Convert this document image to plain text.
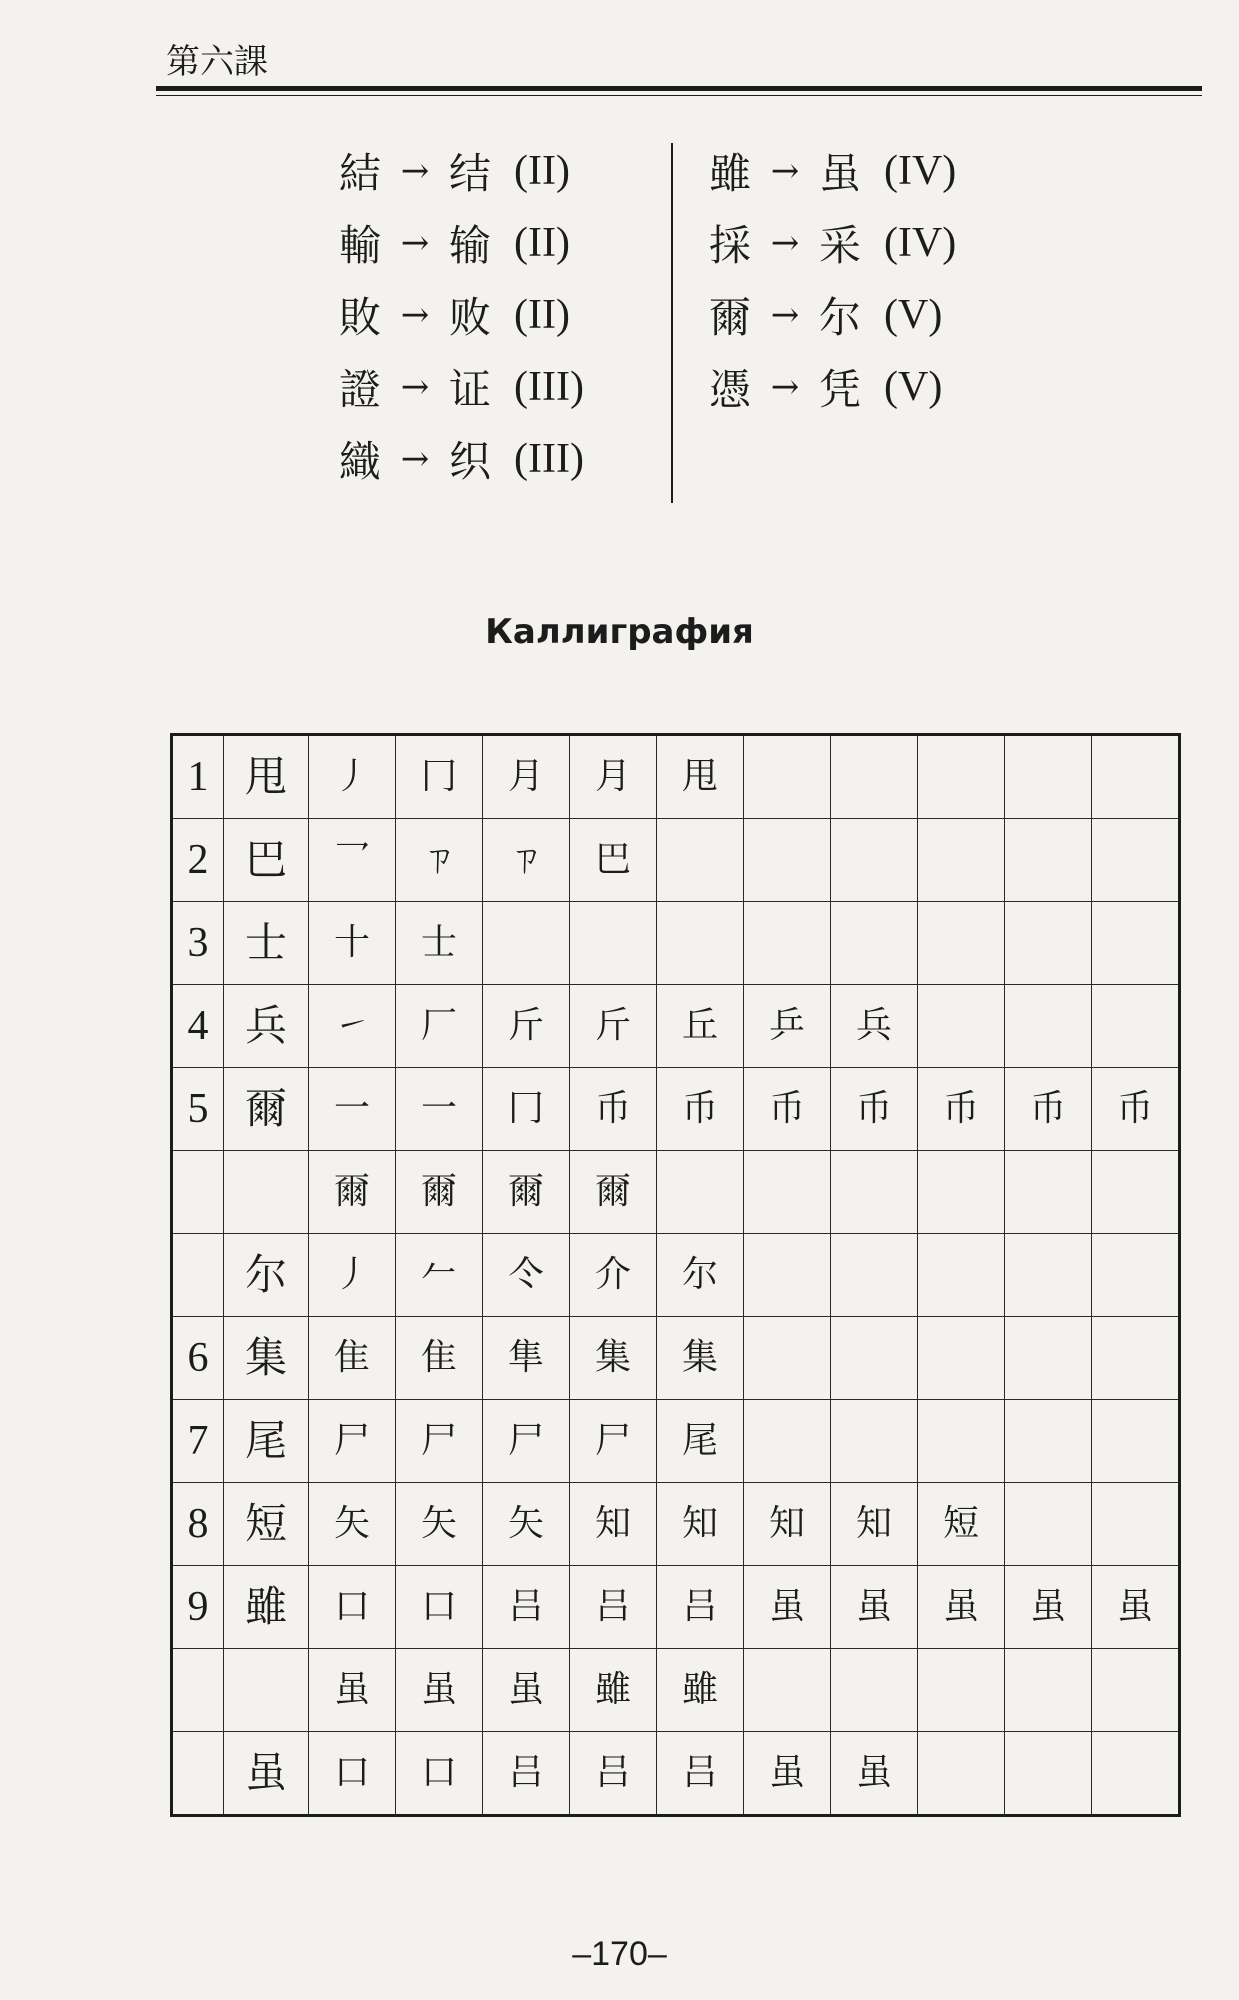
第六課
結 → 结 (II)
輸 → 输 (II)
敗 → 败 (II)
證 → 证 (III)
織 → 织 (III)
雖 → 虽 (IV)
採 → 采 (IV)
爾 → 尔 (V)
憑 → 凭 (V)
Каллиграфия
1	甩	丿	冂	月	月	甩					
2	巴	乛	ㄗ	ㄗ	巴						
3	士	十	士								
4	兵	㇀	厂	斤	斤	丘	乒	兵			
5	爾	一	一	冂	币	币	币	币	币	币	币
		爾	爾	爾	爾						
	尔	丿	𠂉	仒	介	尔					
6	集	隹	隹	隼	集	集					
7	尾	尸	尸	尸	尸	尾					
8	短	矢	矢	矢	知	知	知	知	短		
9	雖	口	口	吕	吕	吕	虽	虽	虽	虽	虽
		虽	虽	虽	雖	雖					
	虽	口	口	吕	吕	吕	虽	虽			
–170–
